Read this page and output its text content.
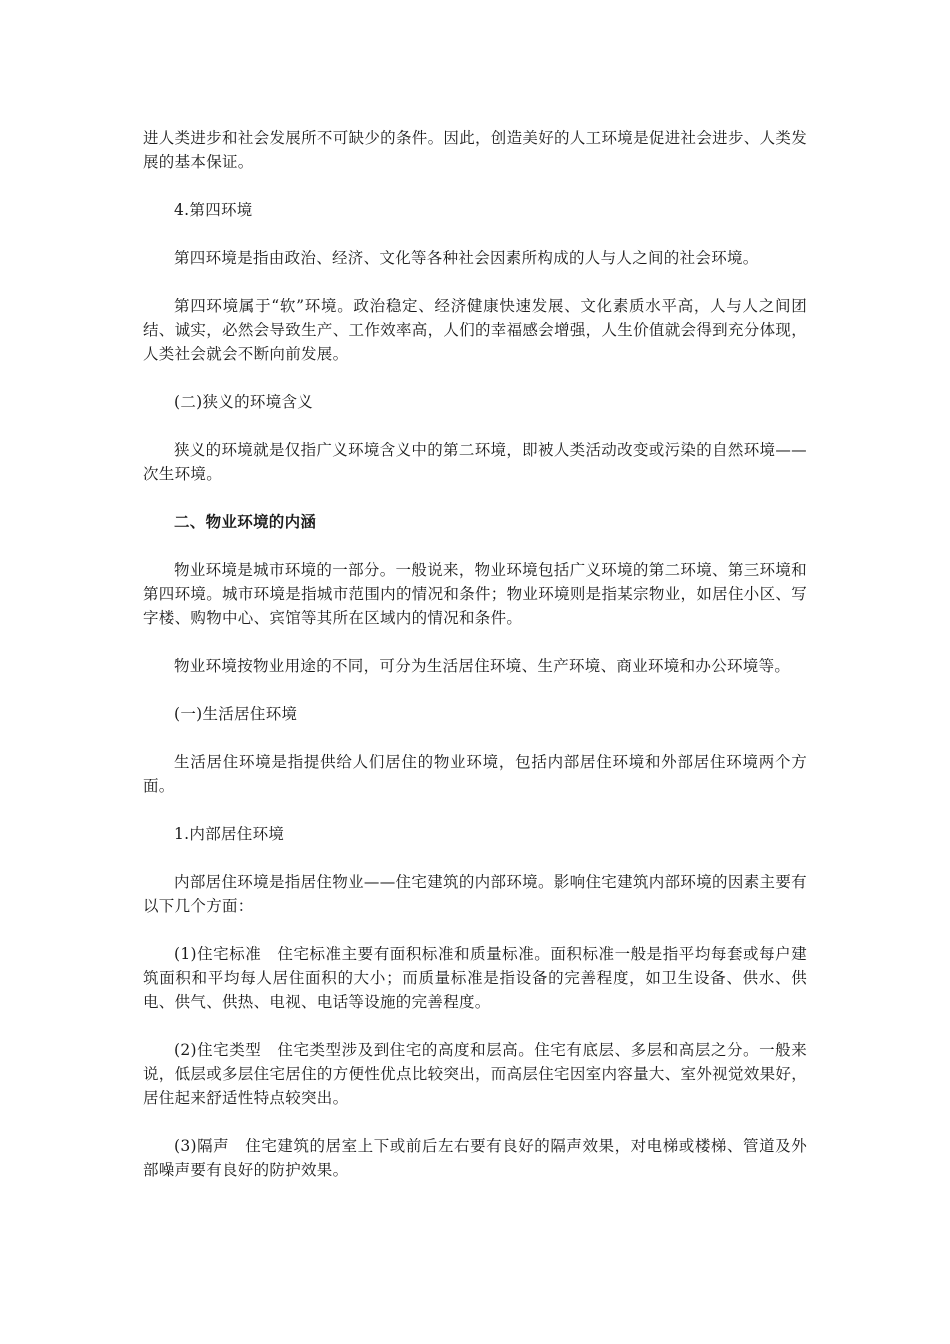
进人类进步和社会发展所不可缺少的条件。因此，创造美好的人工环境是促进社会进步、人类发展的基本保证。

4.第四环境

第四环境是指由政治、经济、文化等各种社会因素所构成的人与人之间的社会环境。

第四环境属于“软”环境。政治稳定、经济健康快速发展、文化素质水平高，人与人之间团结、诚实，必然会导致生产、工作效率高，人们的幸福感会增强，人生价值就会得到充分体现，人类社会就会不断向前发展。

(二)狭义的环境含义

狭义的环境就是仅指广义环境含义中的第二环境，即被人类活动改变或污染的自然环境——次生环境。

二、物业环境的内涵

物业环境是城市环境的一部分。一般说来，物业环境包括广义环境的第二环境、第三环境和第四环境。城市环境是指城市范围内的情况和条件；物业环境则是指某宗物业，如居住小区、写字楼、购物中心、宾馆等其所在区域内的情况和条件。

物业环境按物业用途的不同，可分为生活居住环境、生产环境、商业环境和办公环境等。

(一)生活居住环境

生活居住环境是指提供给人们居住的物业环境，包括内部居住环境和外部居住环境两个方面。

1.内部居住环境

内部居住环境是指居住物业——住宅建筑的内部环境。影响住宅建筑内部环境的因素主要有以下几个方面：

(1)住宅标准　住宅标准主要有面积标准和质量标准。面积标准一般是指平均每套或每户建筑面积和平均每人居住面积的大小；而质量标准是指设备的完善程度，如卫生设备、供水、供电、供气、供热、电视、电话等设施的完善程度。

(2)住宅类型　住宅类型涉及到住宅的高度和层高。住宅有底层、多层和高层之分。一般来说，低层或多层住宅居住的方便性优点比较突出，而高层住宅因室内容量大、室外视觉效果好，居住起来舒适性特点较突出。

(3)隔声　住宅建筑的居室上下或前后左右要有良好的隔声效果，对电梯或楼梯、管道及外部噪声要有良好的防护效果。
